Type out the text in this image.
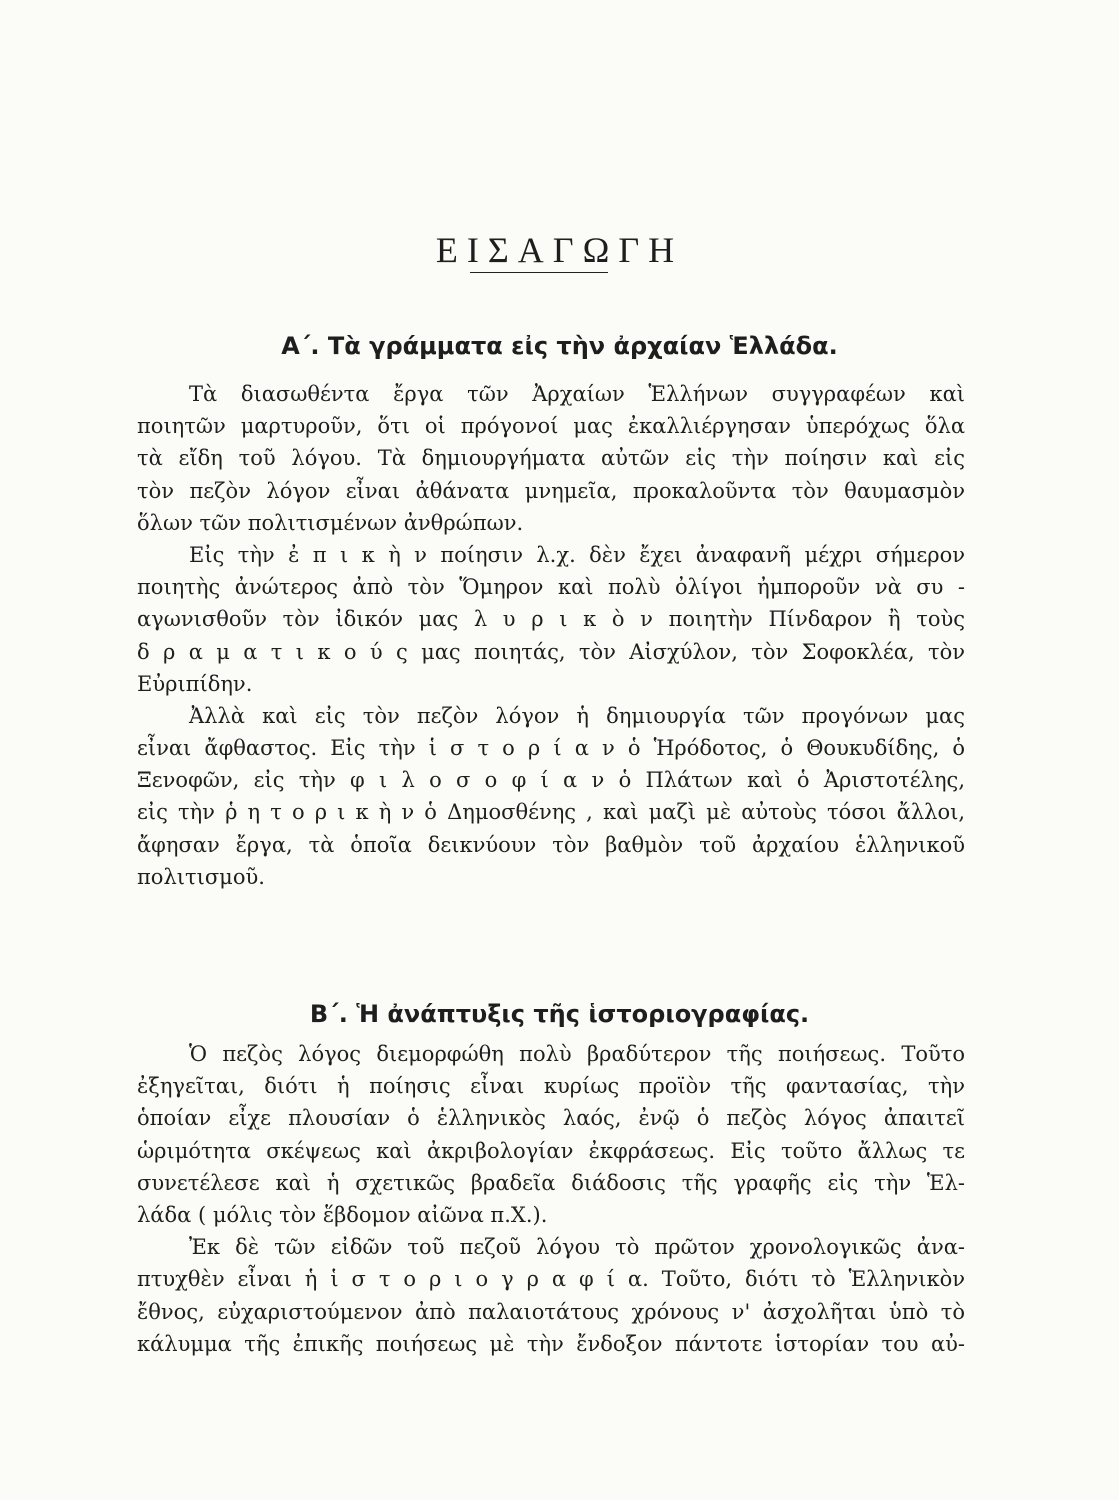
ΕΙΣΑΓΩΓΗ
Α΄. Τὰ γράμματα εἰς τὴν ἀρχαίαν Ἑλλάδα.
Τὰ διασωθέντα ἔργα τῶν Ἀρχαίων Ἑλλήνων συγγραφέων καὶ
ποιητῶν μαρτυροῦν, ὅτι οἱ πρόγονοί μας ἐκαλλιέργησαν ὑπερόχως ὅλα
τὰ εἴδη τοῦ λόγου. Τὰ δημιουργήματα αὐτῶν εἰς τὴν ποίησιν καὶ εἰς
τὸν πεζὸν λόγον εἶναι ἀθάνατα μνημεῖα, προκαλοῦντα τὸν θαυμασμὸν
ὅλων τῶν πολιτισμένων ἀνθρώπων.
Εἰς τὴν ἐ π ι κ ὴ ν ποίησιν λ.χ. δὲν ἔχει ἀναφανῆ μέχρι σήμερον
ποιητὴς ἀνώτερος ἀπὸ τὸν Ὅμηρον καὶ πολὺ ὀλίγοι ἠμποροῦν νὰ συ -
αγωνισθοῦν τὸν ἰδικόν μας λ υ ρ ι κ ὸ ν ποιητὴν Πίνδαρον ἢ τοὺς
δ ρ α μ α τ ι κ ο ύ ς μας ποιητάς, τὸν Αἰσχύλον, τὸν Σοφοκλέα, τὸν
Εὐριπίδην.
Ἀλλὰ καὶ εἰς τὸν πεζὸν λόγον ἡ δημιουργία τῶν προγόνων μας
εἶναι ἄφθαστος. Εἰς τὴν ἱ σ τ ο ρ ί α ν ὁ Ἡρόδοτος, ὁ Θουκυδίδης, ὁ
Ξενοφῶν, εἰς τὴν φ ι λ ο σ ο φ ί α ν ὁ Πλάτων καὶ ὁ Ἀριστοτέλης,
εἰς τὴν ῥ η τ ο ρ ι κ ὴ ν ὁ Δημοσθένης , καὶ μαζὶ μὲ αὐτοὺς τόσοι ἄλλοι,
ἄφησαν ἔργα, τὰ ὁποῖα δεικνύουν τὸν βαθμὸν τοῦ ἀρχαίου ἑλληνικοῦ
πολιτισμοῦ.
Β΄. Ἡ ἀνάπτυξις τῆς ἱστοριογραφίας.
Ὁ πεζὸς λόγος διεμορφώθη πολὺ βραδύτερον τῆς ποιήσεως. Τοῦτο
ἐξηγεῖται, διότι ἡ ποίησις εἶναι κυρίως προϊὸν τῆς φαντασίας, τὴν
ὁποίαν εἶχε πλουσίαν ὁ ἑλληνικὸς λαός, ἐνῷ ὁ πεζὸς λόγος ἀπαιτεῖ
ὡριμότητα σκέψεως καὶ ἀκριβολογίαν ἐκφράσεως. Εἰς τοῦτο ἄλλως τε
συνετέλεσε καὶ ἡ σχετικῶς βραδεῖα διάδοσις τῆς γραφῆς εἰς τὴν Ἑλ-
λάδα ( μόλις τὸν ἕβδομον αἰῶνα π.Χ.).
Ἐκ δὲ τῶν εἰδῶν τοῦ πεζοῦ λόγου τὸ πρῶτον χρονολογικῶς ἀνα-
πτυχθὲν εἶναι ἡ ἱ σ τ ο ρ ι ο γ ρ α φ ί α. Τοῦτο, διότι τὸ Ἑλληνικὸν
ἔθνος, εὐχαριστούμενον ἀπὸ παλαιοτάτους χρόνους ν' ἀσχολῆται ὑπὸ τὸ
κάλυμμα τῆς ἐπικῆς ποιήσεως μὲ τὴν ἔνδοξον πάντοτε ἱστορίαν του αὐ-
